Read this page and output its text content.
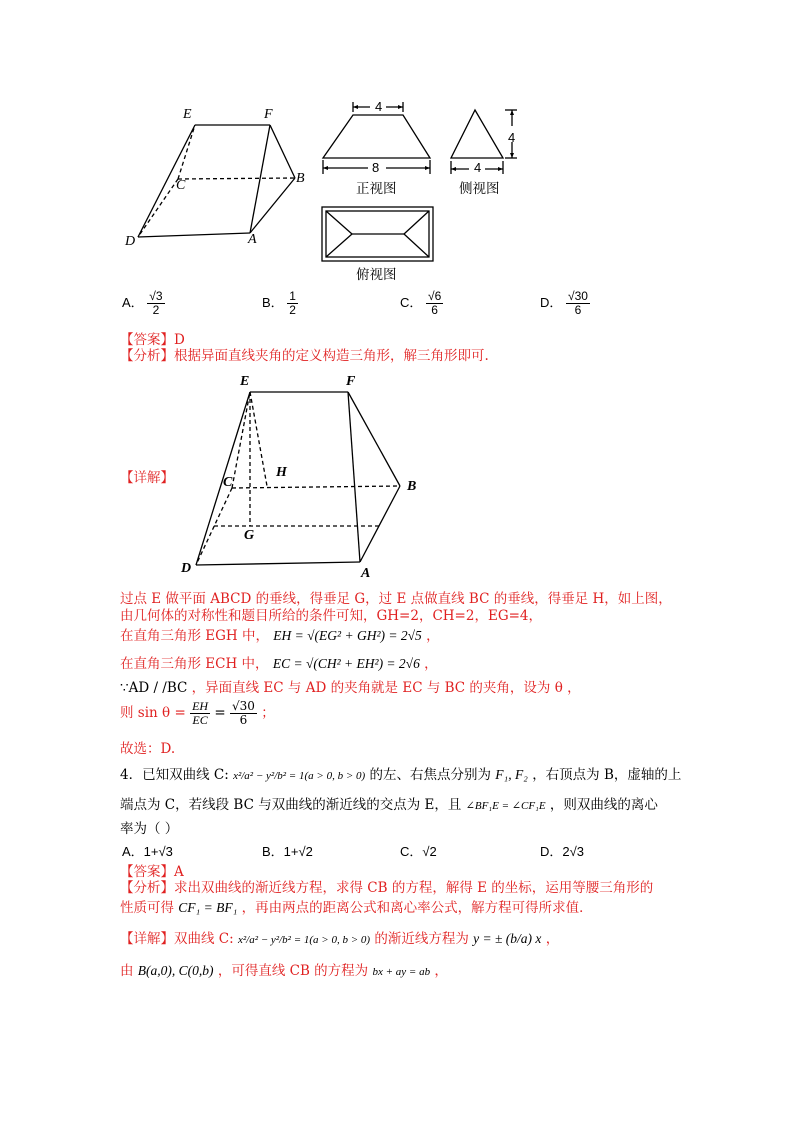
E	F
B
C
D	A
4
8
正视图
4
4
侧视图
俯视图
A． $\frac{√3}{2}$	B． $\frac{1}{2}$	C． $\frac{√6}{6}$	D． $\frac{√30}{6}$
【答案】D
【分析】根据异面直线夹角的定义构造三角形，解三角形即可.
【详解】
E	F
H
C	B
G
D	A
过点 E 做平面 ABCD 的垂线，得垂足 G，过 E 点做直线 BC 的垂线，得垂足 H，如上图，
由几何体的对称性和题目所给的条件可知，GH=2，CH=2，EG=4，
在直角三角形 EGH 中， EH = √(EG² + GH²) = 2√5 ，
在直角三角形 ECH 中， EC = √(CH² + EH²) = 2√6 ，
∵AD / /BC ，异面直线 EC 与 AD 的夹角就是 EC 与 BC 的夹角，设为 θ ，
则 $\sin \theta = \frac{EH}{EC} = \frac{√30}{6}$ ；
故选：D.
4．已知双曲线 C: x²/a² − y²/b² = 1(a > 0, b > 0) 的左、右焦点分别为 F₁, F₂ ，右顶点为 B，虚轴的上
端点为 C，若线段 BC 与双曲线的渐近线的交点为 E，且 ∠BF₁E = ∠CF₁E ，则双曲线的离心
率为（ ）
A．1+√3	B．1+√2	C．√2	D．2√3
【答案】A
【分析】求出双曲线的渐近线方程，求得 CB 的方程，解得 E 的坐标，运用等腰三角形的
性质可得 CF₁ = BF₁ ，再由两点的距离公式和离心率公式，解方程可得所求值．
【详解】双曲线 C: x²/a² − y²/b² = 1(a > 0, b > 0) 的渐近线方程为 y = ± (b/a) x ，
由 B(a,0), C(0,b) ，可得直线 CB 的方程为 bx + ay = ab ，
